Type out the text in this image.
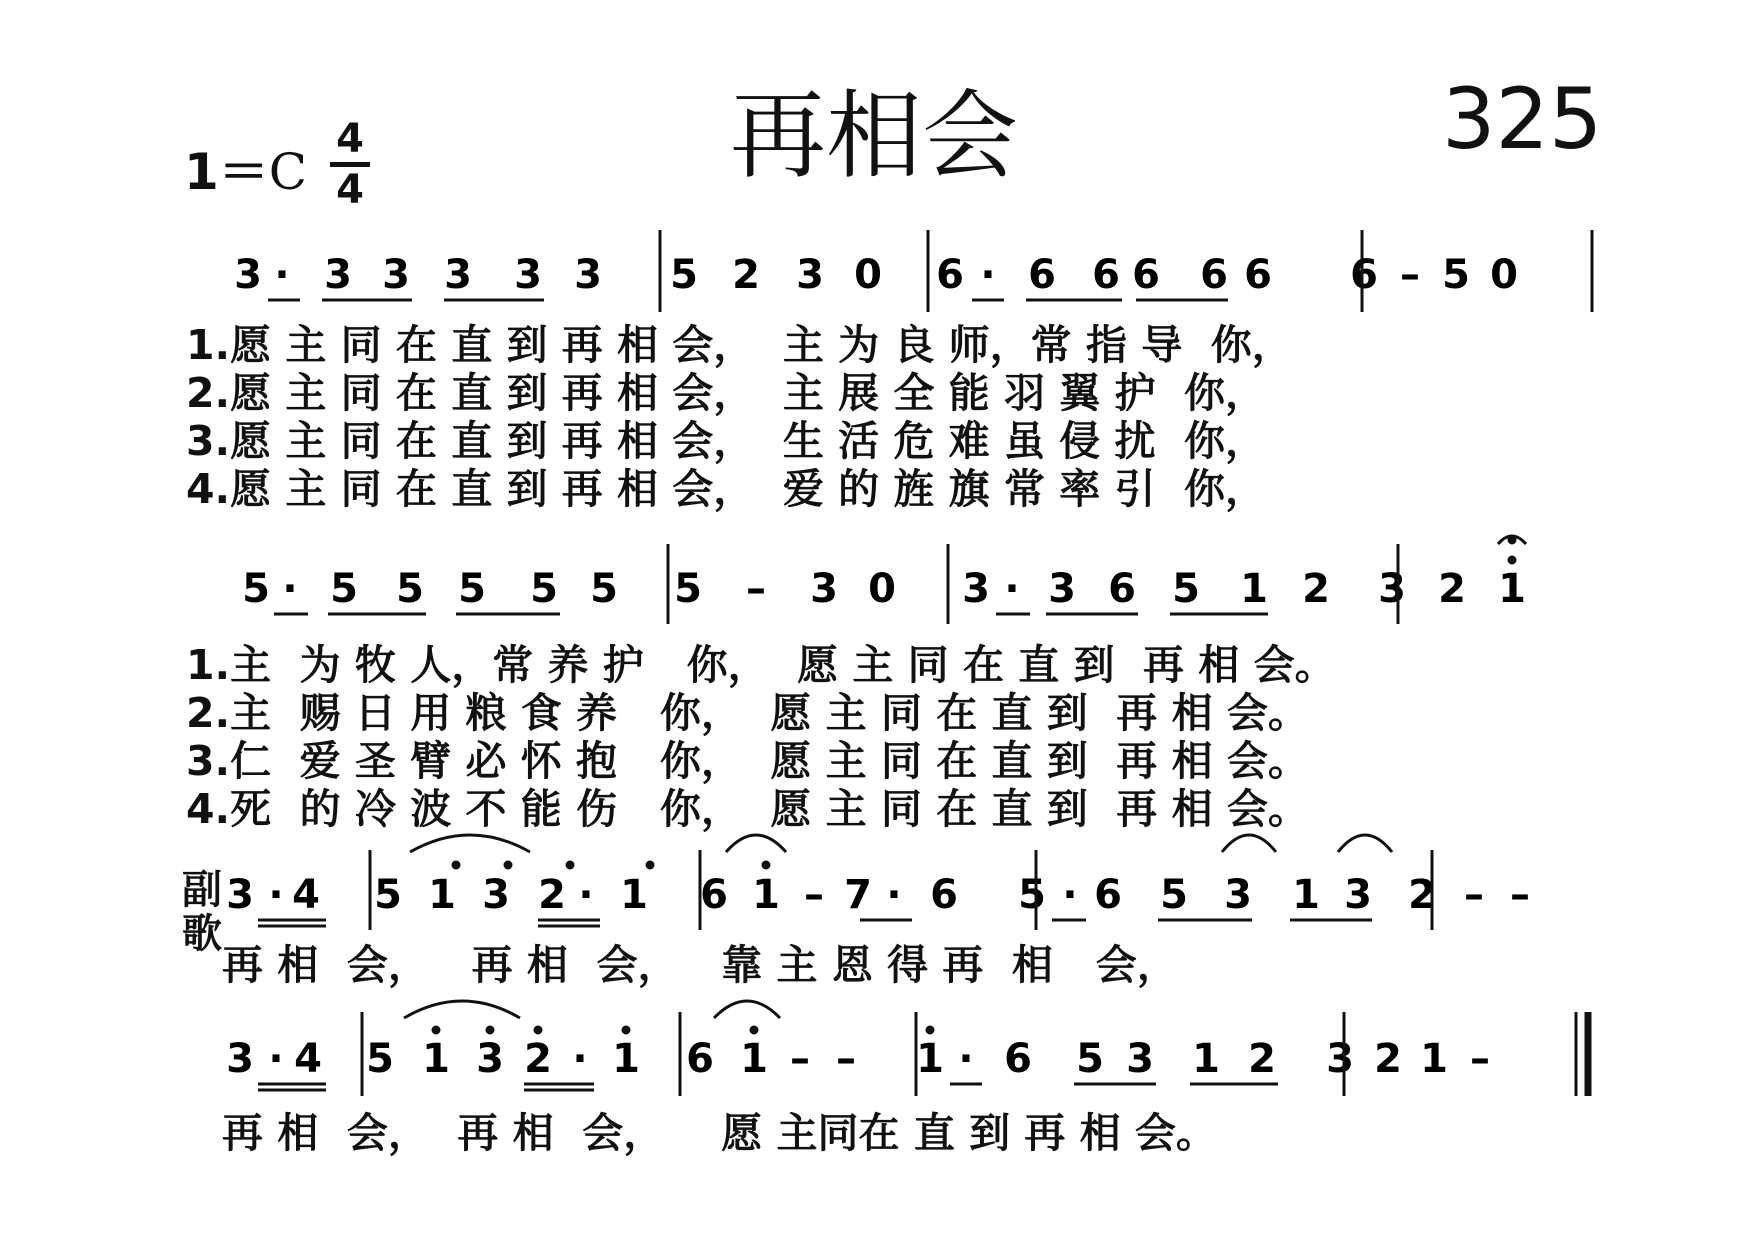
再相会	325
1＝C
4
4
3 · 3 3 3 3 3 5 2 3 0 6 · 6 6 6 6 6 6 – 5 0
5 · 5 5 5 5 5 5 – 3 0 3 · 3 6 5 1 2 3 2 1
3 · 4 5 1 3 2 · 1 6 1 – 7 · 6 5 · 6 5 3 1 3 2 – –
3 · 4 5 1 3 2 · 1 6 1 – – 1 · 6 5 3 1 2 3 2 1 –
1.愿 主 同 在 直 到 再 相 会，  主 为 良 师，常 指 导  你，
2.愿 主 同 在 直 到 再 相 会，  主 展 全 能 羽 翼 护  你，
3.愿 主 同 在 直 到 再 相 会，  生 活 危 难 虽 侵 扰  你，
4.愿 主 同 在 直 到 再 相 会，  爱 的 旌 旗 常 率 引  你，
1.主  为 牧 人，常 养 护   你，  愿 主 同 在 直 到  再 相 会。
2.主  赐 日 用 粮 食 养   你，  愿 主 同 在 直 到  再 相 会。
3.仁  爱 圣 臂 必 怀 抱   你，  愿 主 同 在 直 到  再 相 会。
4.死  的 冷 波 不 能 伤   你，  愿 主 同 在 直 到  再 相 会。
副
歌
再 相  会，   再 相  会，   靠 主 恩 得 再  相   会，
再 相  会，  再 相  会，    愿 主同在 直 到 再 相 会。
